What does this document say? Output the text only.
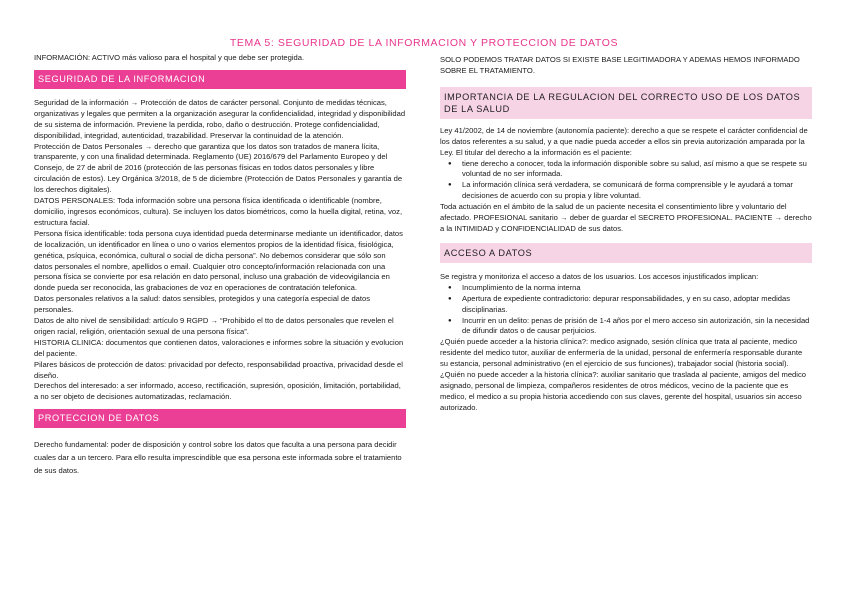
TEMA 5: SEGURIDAD DE LA INFORMACION Y PROTECCION DE DATOS

INFORMACIÓN: ACTIVO más valioso para el hospital y que debe ser protegida.

SEGURIDAD DE LA INFORMACION

Seguridad de la información → Protección de datos de carácter personal. Conjunto de medidas técnicas, organizativas y legales que permiten a la organización asegurar la confidencialidad, integridad y disponibilidad de su sistema de información. Previene la perdida, robo, daño o destrucción. Protege confidencialidad, disponibilidad, integridad, autenticidad, trazabilidad. Preservar la continuidad de la atención.

Protección de Datos Personales → derecho que garantiza que los datos son tratados de manera lícita, transparente, y con una finalidad determinada. Reglamento (UE) 2016/679 del Parlamento Europeo y del Consejo, de 27 de abril de 2016 (protección de las personas físicas en todos datos personales y libre circulación de estos). Ley Orgánica 3/2018, de 5 de diciembre (Protección de Datos Personales y garantía de los derechos digitales).

DATOS PERSONALES: Toda información sobre una persona física identificada o identificable (nombre, domicilio, ingresos económicos, cultura). Se incluyen los datos biométricos, como la huella digital, retina, voz, estructura facial.

Persona física identificable: toda persona cuya identidad pueda determinarse mediante un identificador, datos de localización, un identificador en línea o uno o varios elementos propios de la identidad física, fisiológica, genética, psíquica, económica, cultural o social de dicha persona”. No debemos considerar que sólo son datos personales el nombre, apellidos o email. Cualquier otro concepto/información relacionada con una persona física se convierte por esa relación en dato personal, incluso una grabación de videovigilancia en donde pueda ser reconocida, las grabaciones de voz en operaciones de contratación telefonica.

Datos personales relativos a la salud: datos sensibles, protegidos y una categoría especial de datos personales.

Datos de alto nivel de sensibilidad: artículo 9 RGPD → “Prohibido el tto de datos personales que revelen el origen racial, religión, orientación sexual de una persona física”.

HISTORIA CLINICA: documentos que contienen datos, valoraciones e informes sobre la situación y evolucion del paciente.

Pilares básicos de protección de datos: privacidad por defecto, responsabilidad proactiva, privacidad desde el diseño.

Derechos del interesado: a ser informado, acceso, rectificación, supresión, oposición, limitación, portabilidad, a no ser objeto de decisiones automatizadas, reclamación.

PROTECCION DE DATOS

Derecho fundamental: poder de disposición y control sobre los datos que faculta a una persona para decidir cuales dar a un tercero. Para ello resulta imprescindible que esa persona este informada sobre el tratamiento de sus datos.

SOLO PODEMOS TRATAR DATOS SI EXISTE BASE LEGITIMADORA Y ADEMAS HEMOS INFORMADO SOBRE EL TRATAMIENTO.

IMPORTANCIA DE LA REGULACION DEL CORRECTO USO DE LOS DATOS DE LA SALUD

Ley 41/2002, de 14 de noviembre (autonomía paciente): derecho a que se respete el carácter confidencial de los datos referentes a su salud, y a que nadie pueda acceder a ellos sin previa autorización amparada por la Ley. El titular del derecho a la información es el paciente:

● tiene derecho a conocer, toda la información disponible sobre su salud, así mismo a que se respete su voluntad de no ser informada.
● La información clínica será verdadera, se comunicará de forma comprensible y le ayudará a tomar decisiones de acuerdo con su propia y libre voluntad.

Toda actuación en el ámbito de la salud de un paciente necesita el consentimiento libre y voluntario del afectado. PROFESIONAL sanitario → deber de guardar el SECRETO PROFESIONAL. PACIENTE → derecho a la INTIMIDAD y CONFIDENCIALIDAD de sus datos.

ACCESO A DATOS

Se registra y monitoriza el acceso a datos de los usuarios. Los accesos injustificados implican:

● Incumplimiento de la norma interna
● Apertura de expediente contradictorio: depurar responsabilidades, y en su caso, adoptar medidas disciplinarias.
● Incurrir en un delito: penas de prisión de 1-4 años por el mero acceso sin autorización, sin la necesidad de difundir datos o de causar perjuicios.

¿Quién puede acceder a la historia clínica?: medico asignado, sesión clínica que trata al paciente, medico residente del medico tutor, auxiliar de enfermería de la unidad, personal de enfermería responsable durante su estancia, personal administrativo (en el ejercicio de sus funciones), trabajador social (historia social).

¿Quién no puede acceder a la historia clínica?: auxiliar sanitario que traslada al paciente, amigos del medico asignado, personal de limpieza, compañeros residentes de otros médicos, vecino de la paciente que es medico, el medico a su propia historia accediendo con sus claves, gerente del hospital, usuarios sin acceso autorizado.
